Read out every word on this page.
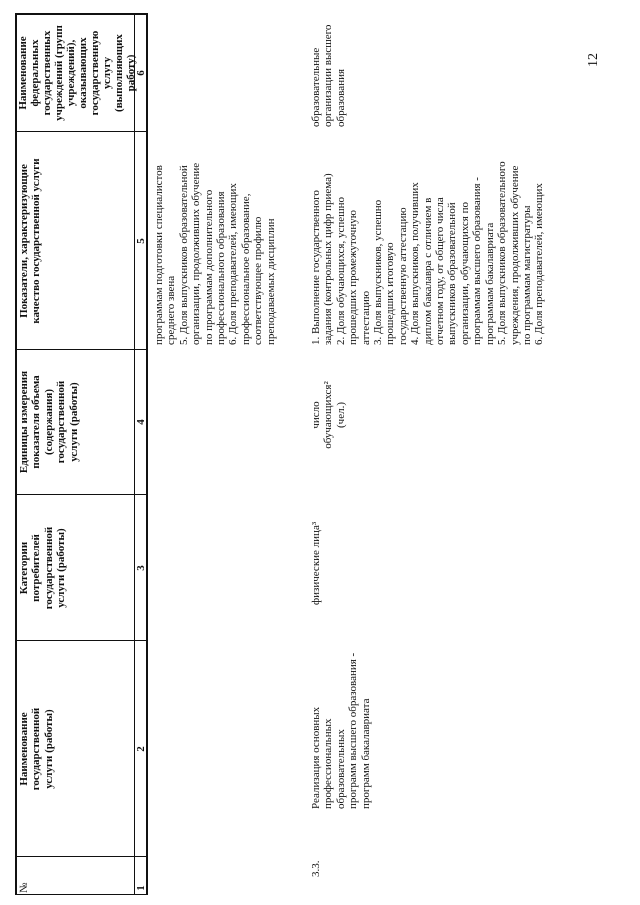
№
Наименование
государственной
услуги (работы)
Категории
потребителей
государственной
услуги (работы)
Единицы измерения
показателя объема
(содержания)
государственной
услуги (работы)
Показатели, характеризующие
качество государственной услуги
Наименование
федеральных
государственных
учреждений (групп
учреждений),
оказывающих
государственную
услугу (выполняющих
работу)
1
2
3
4
5
6
программам подготовки специалистов
среднего звена
5. Доля выпускников образовательной
организации, продолживших обучение
по программам дополнительного
профессионального образования
6. Доля преподавателей, имеющих
профессиональное образование,
соответствующее профилю
преподаваемых дисциплин
3.3.
Реализация основных
профессиональных образовательных
программ высшего образования -
программ бакалавриата
физические лица³
число
обучающихся²
(чел.)
1. Выполнение государственного
задания (контрольных цифр приема)
2. Доля обучающихся, успешно
прошедших промежуточную
аттестацию
3. Доля выпускников, успешно
прошедших итоговую
государственную аттестацию
4. Доля выпускников, получивших
диплом бакалавра с отличием в
отчетном году, от общего числа
выпускников образовательной
организации, обучающихся по
программам высшего образования -
программам бакалавриата
5. Доля выпускников образовательного
учреждения, продолживших обучение
по программам магистратуры
6. Доля преподавателей, имеющих
образовательные
организации высшего
образования
12
